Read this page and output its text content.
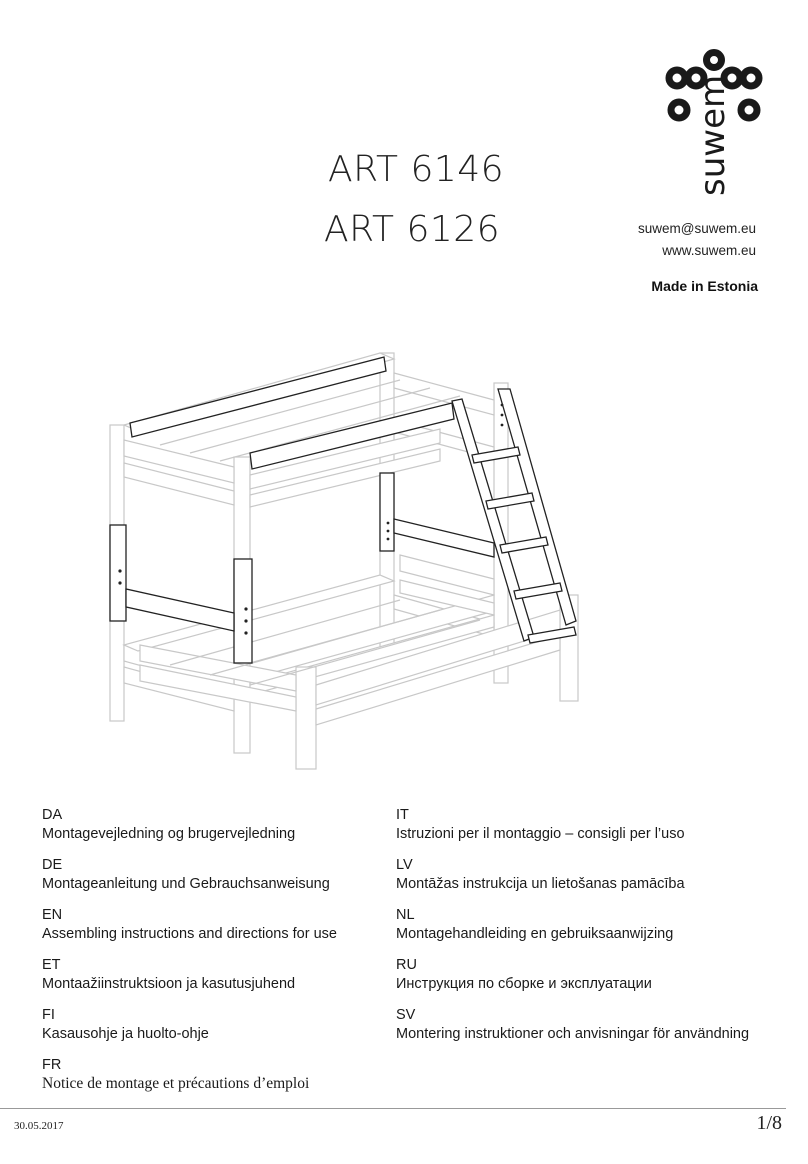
ART 6146
ART 6126
suwem
suwem@suwem.eu
www.suwem.eu
Made in Estonia
DA
Montagevejledning og brugervejledning
DE
Montageanleitung und Gebrauchsanweisung
EN
Assembling instructions and directions for use
ET
Montaažiinstruktsioon ja kasutusjuhend
FI
Kasausohje ja huolto-ohje
FR
Notice de montage et précautions d’emploi
IT
Istruzioni per il montaggio – consigli per l’uso
LV
Montāžas instrukcija un lietošanas pamācība
NL
Montagehandleiding en gebruiksaanwijzing
RU
Инструкция по сборке и эксплуатации
SV
Montering instruktioner och anvisningar för användning
30.05.2017	1/8
